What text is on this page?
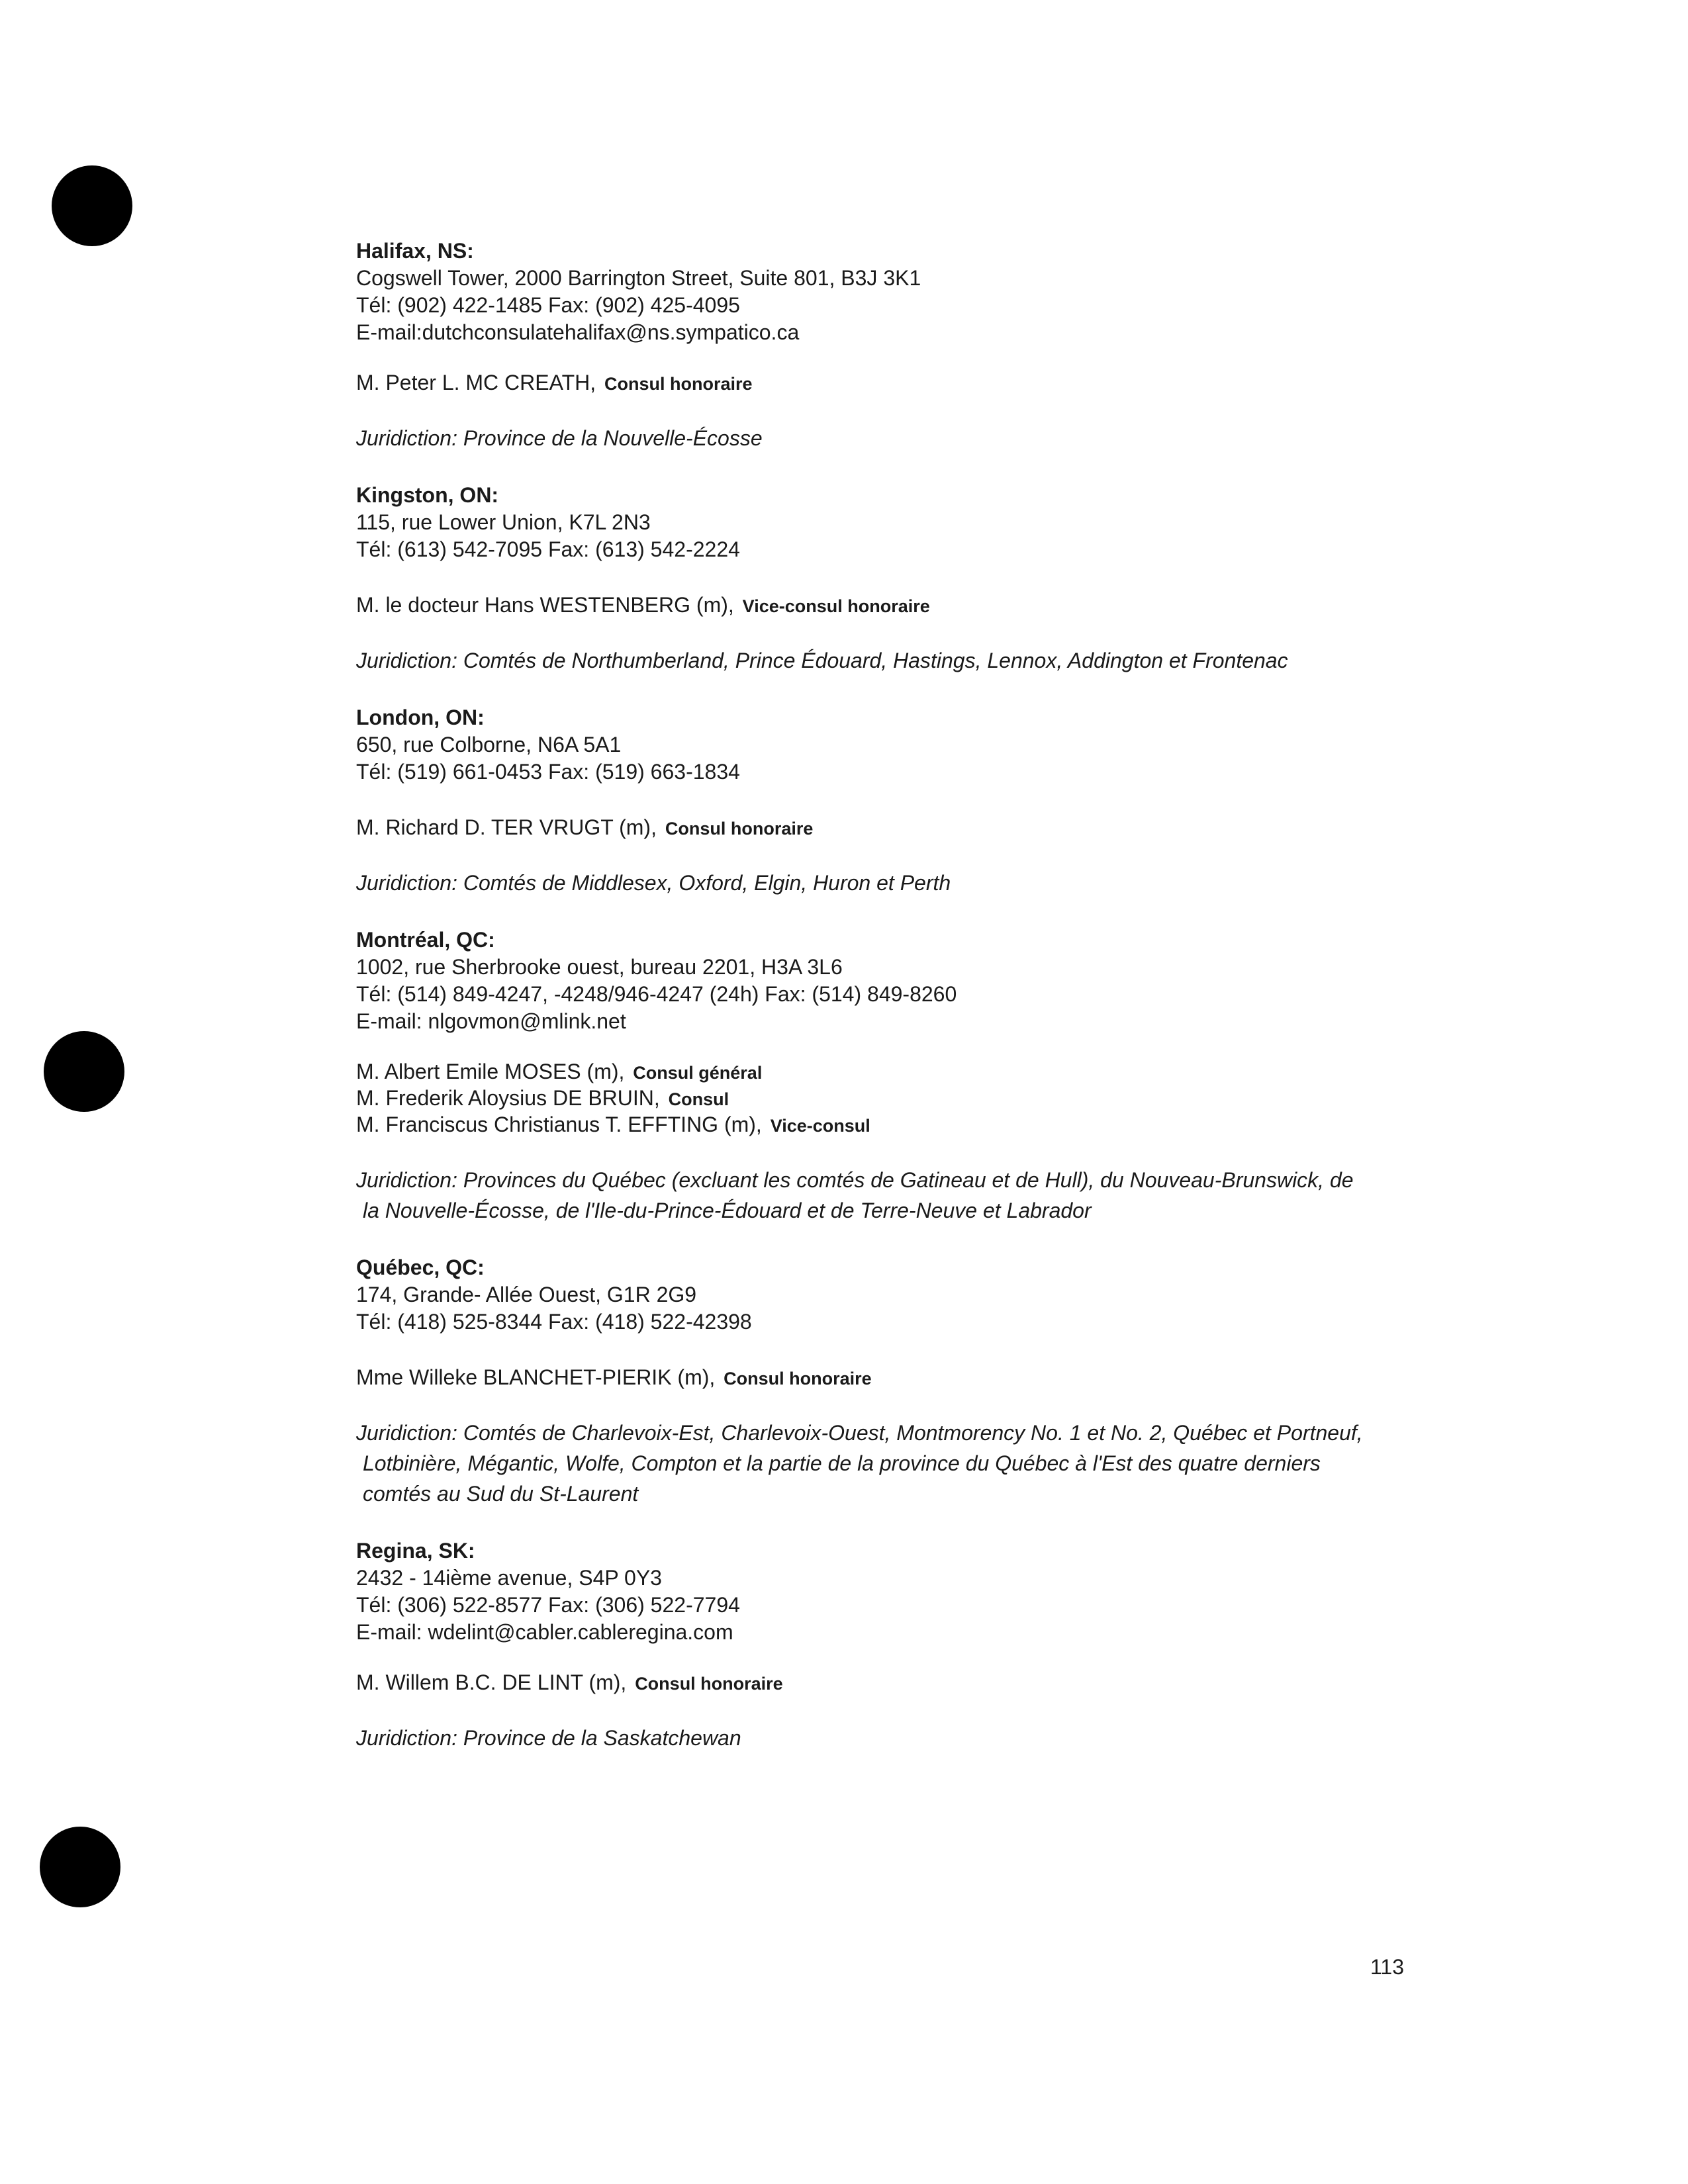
Halifax, NS:
Cogswell Tower, 2000 Barrington Street, Suite 801, B3J 3K1
Tél: (902) 422-1485 Fax: (902) 425-4095
E-mail:dutchconsulatehalifax@ns.sympatico.ca
M. Peter L. MC CREATH, Consul honoraire
Juridiction: Province de la Nouvelle-Écosse
Kingston, ON:
115, rue Lower Union, K7L 2N3
Tél: (613) 542-7095 Fax: (613) 542-2224
M. le docteur Hans WESTENBERG (m), Vice-consul honoraire
Juridiction: Comtés de Northumberland, Prince Édouard, Hastings, Lennox, Addington et Frontenac
London, ON:
650, rue Colborne, N6A 5A1
Tél: (519) 661-0453 Fax: (519) 663-1834
M. Richard D. TER VRUGT (m), Consul honoraire
Juridiction: Comtés de Middlesex, Oxford, Elgin, Huron et Perth
Montréal, QC:
1002, rue Sherbrooke ouest, bureau 2201, H3A 3L6
Tél: (514) 849-4247, -4248/946-4247 (24h) Fax: (514) 849-8260
E-mail: nlgovmon@mlink.net
M. Albert Emile MOSES (m), Consul général
M. Frederik Aloysius DE BRUIN, Consul
M. Franciscus Christianus T. EFFTING (m), Vice-consul
Juridiction: Provinces du Québec (excluant les comtés de Gatineau et de Hull), du Nouveau-Brunswick, de la Nouvelle-Écosse, de l'Ile-du-Prince-Édouard et de Terre-Neuve et Labrador
Québec, QC:
174, Grande- Allée Ouest, G1R 2G9
Tél: (418) 525-8344 Fax: (418) 522-42398
Mme Willeke BLANCHET-PIERIK (m), Consul honoraire
Juridiction: Comtés de Charlevoix-Est, Charlevoix-Ouest, Montmorency No. 1 et No. 2, Québec et Portneuf, Lotbinière, Mégantic, Wolfe, Compton et la partie de la province du Québec à l'Est des quatre derniers comtés au Sud du St-Laurent
Regina, SK:
2432 - 14ième avenue, S4P 0Y3
Tél: (306) 522-8577 Fax: (306) 522-7794
E-mail: wdelint@cabler.cableregina.com
M. Willem B.C. DE LINT (m), Consul honoraire
Juridiction: Province de la Saskatchewan
113
